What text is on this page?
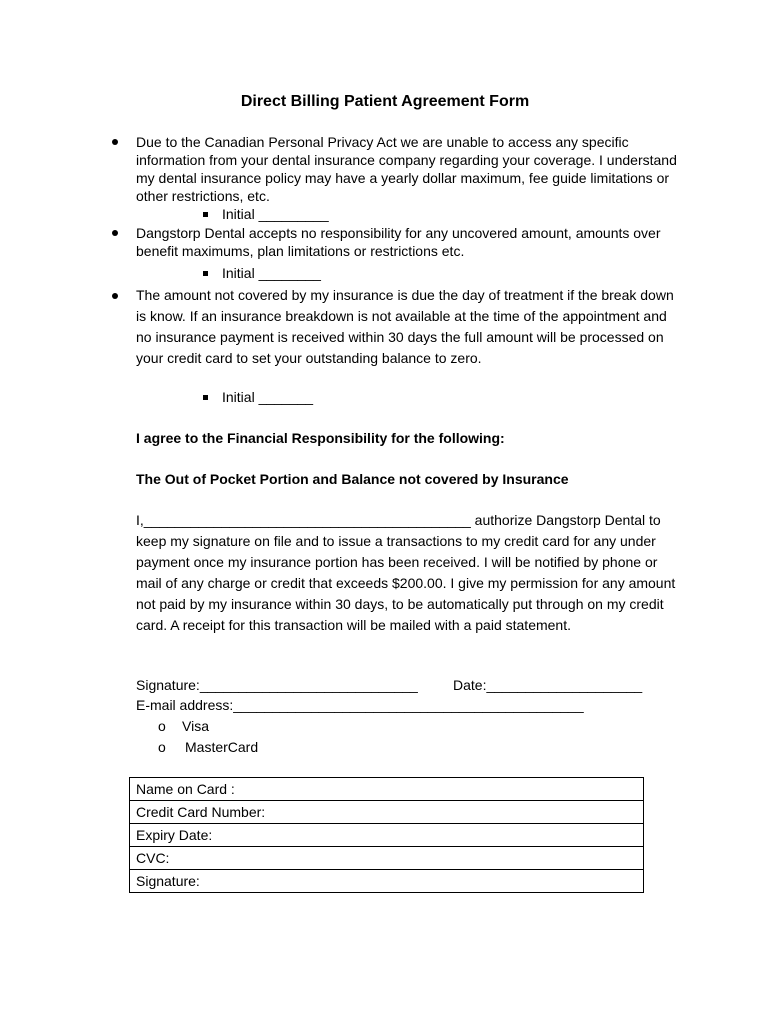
Direct Billing Patient Agreement Form
Due to the Canadian Personal Privacy Act we are unable to access any specific information from your dental insurance company regarding your coverage. I understand my dental insurance policy may have a yearly dollar maximum, fee guide limitations or other restrictions, etc.
Initial _________
Dangstorp Dental accepts no responsibility for any uncovered amount, amounts over benefit maximums, plan limitations or restrictions etc.
Initial ________
The amount not covered by my insurance is due the day of treatment if the break down is know. If an insurance breakdown is not available at the time of the appointment and no insurance payment is received within 30 days the full amount will be processed on your credit card to set your outstanding balance to zero.
Initial _______
I agree to the Financial Responsibility for the following:
The Out of Pocket Portion and Balance not covered by Insurance
I,__________________________________________ authorize Dangstorp Dental to keep my signature on file and to issue a transactions to my credit card for any under payment once my insurance portion has been received. I will be notified by phone or mail of any charge or credit that exceeds $200.00. I give my permission for any amount not paid by my insurance within 30 days, to be automatically put through on my credit card. A receipt for this transaction will be mailed with a paid statement.
Signature:____________________________	Date:____________________
E-mail address:_____________________________________________
o Visa
o MasterCard
Name on Card :
Credit Card Number:
Expiry Date:
CVC:
Signature:
